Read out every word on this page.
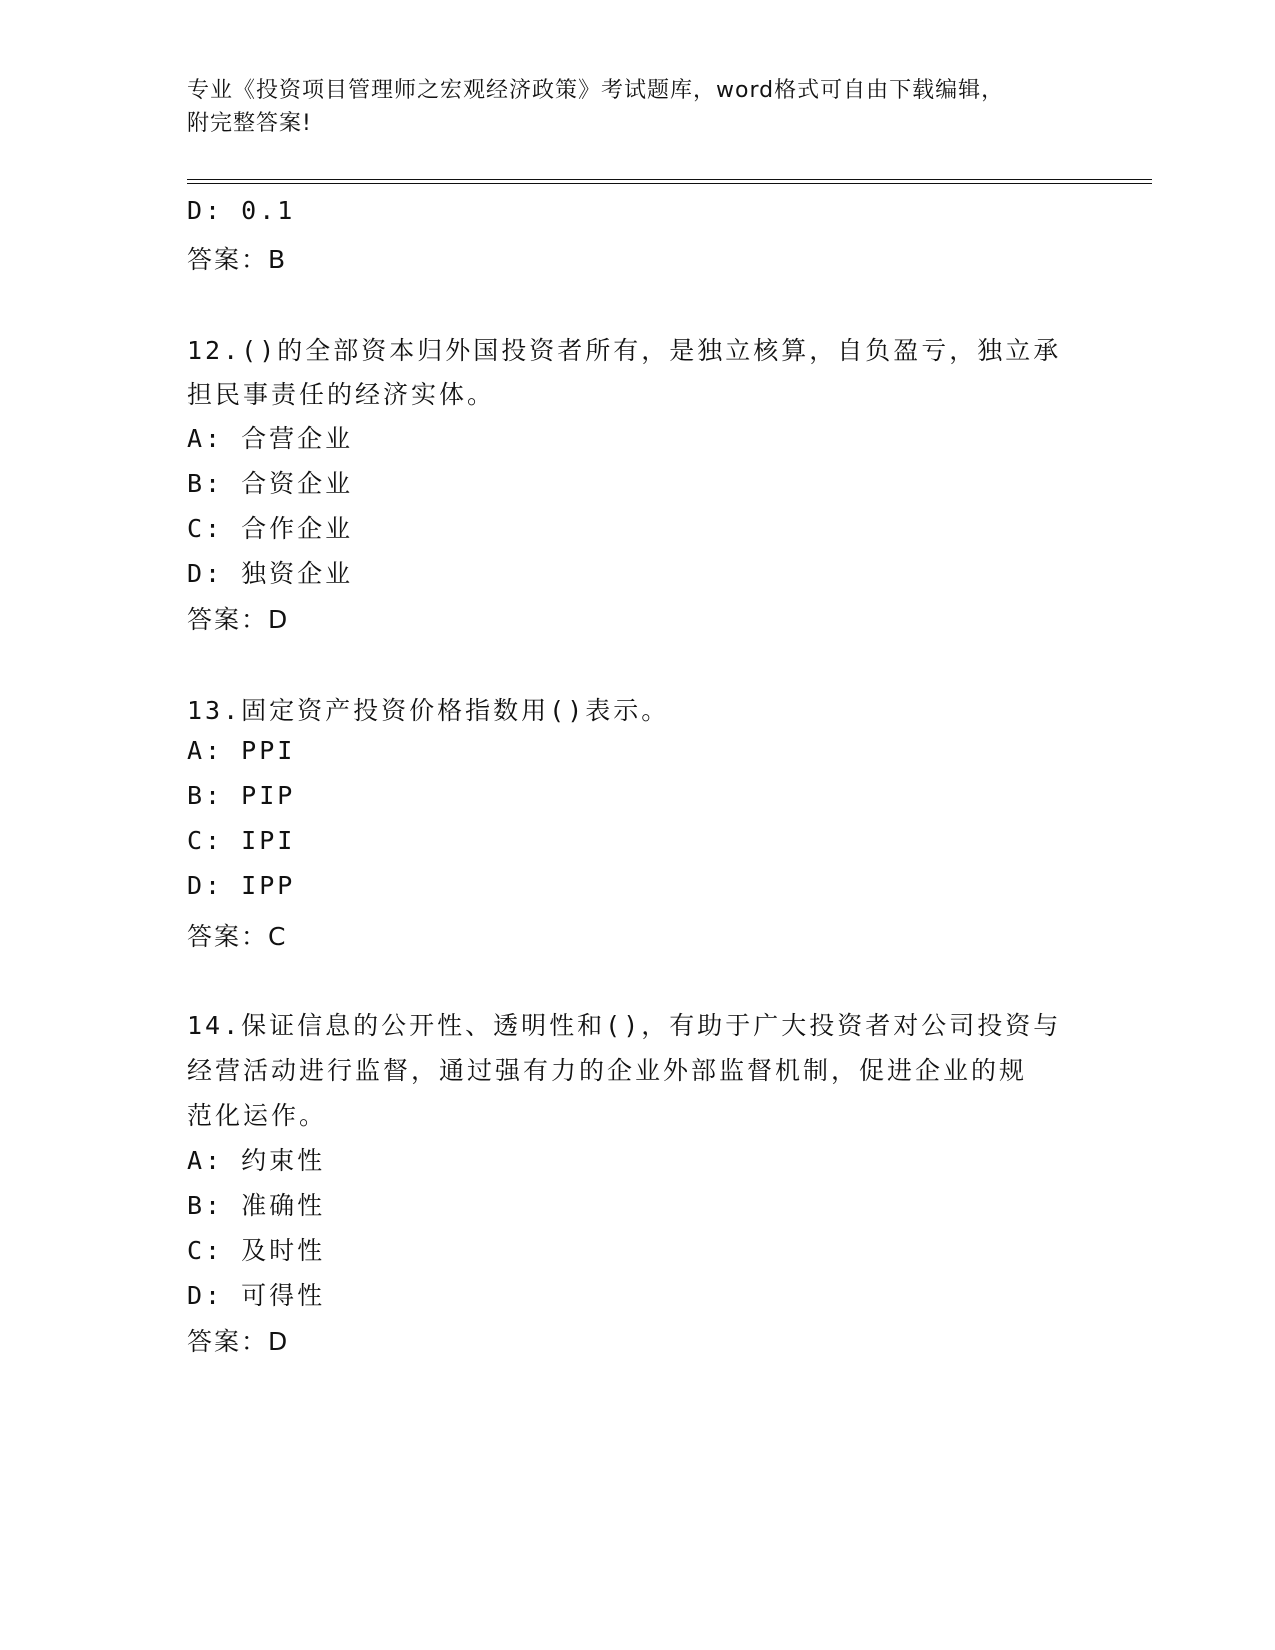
专业《投资项目管理师之宏观经济政策》考试题库，word格式可自由下载编辑，
附完整答案!
D: 0.1
答案：B
12.()的全部资本归外国投资者所有，是独立核算，自负盈亏，独立承
担民事责任的经济实体。
A: 合营企业
B: 合资企业
C: 合作企业
D: 独资企业
答案：D
13.固定资产投资价格指数用()表示。
A: PPI
B: PIP
C: IPI
D: IPP
答案：C
14.保证信息的公开性、透明性和()，有助于广大投资者对公司投资与
经营活动进行监督，通过强有力的企业外部监督机制，促进企业的规
范化运作。
A: 约束性
B: 准确性
C: 及时性
D: 可得性
答案：D
